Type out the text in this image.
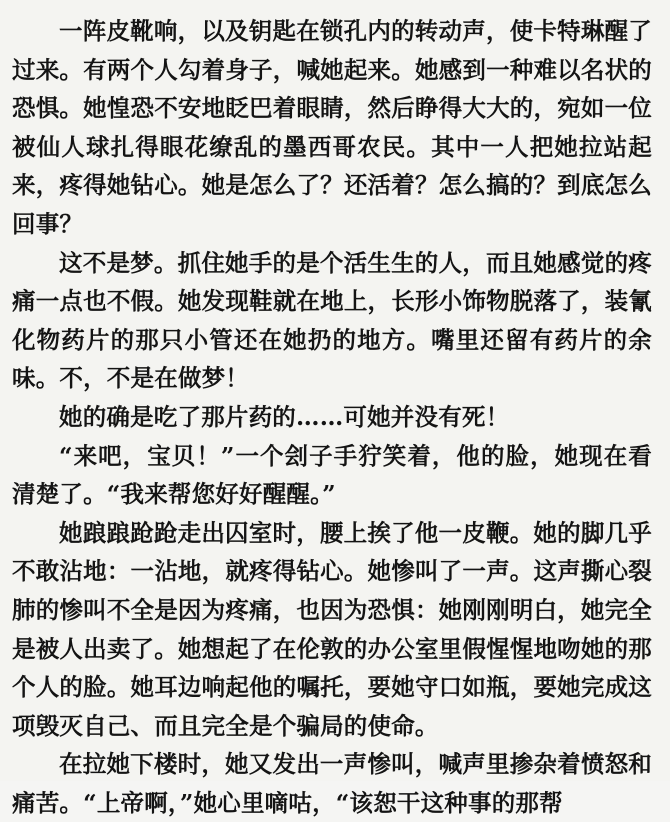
一阵皮靴响，以及钥匙在锁孔内的转动声，使卡特琳醒了过来。有两个人勾着身子，喊她起来。她感到一种难以名状的恐惧。她惶恐不安地眨巴着眼睛，然后睁得大大的，宛如一位被仙人球扎得眼花缭乱的墨西哥农民。其中一人把她拉站起来，疼得她钻心。她是怎么了？还活着？怎么搞的？到底怎么回事？

这不是梦。抓住她手的是个活生生的人，而且她感觉的疼痛一点也不假。她发现鞋就在地上，长形小饰物脱落了，装氰化物药片的那只小管还在她扔的地方。嘴里还留有药片的余味。不，不是在做梦！

她的确是吃了那片药的……可她并没有死！

“来吧，宝贝！”一个刽子手狞笑着，他的脸，她现在看清楚了。“我来帮您好好醒醒。”

她踉踉跄跄走出囚室时，腰上挨了他一皮鞭。她的脚几乎不敢沾地：一沾地，就疼得钻心。她惨叫了一声。这声撕心裂肺的惨叫不全是因为疼痛，也因为恐惧：她刚刚明白，她完全是被人出卖了。她想起了在伦敦的办公室里假惺惺地吻她的那个人的脸。她耳边响起他的嘱托，要她守口如瓶，要她完成这项毁灭自己、而且完全是个骗局的使命。

在拉她下楼时，她又发出一声惨叫，喊声里掺杂着愤怒和痛苦。“上帝啊，”她心里嘀咕，“该恕干这种事的那帮
